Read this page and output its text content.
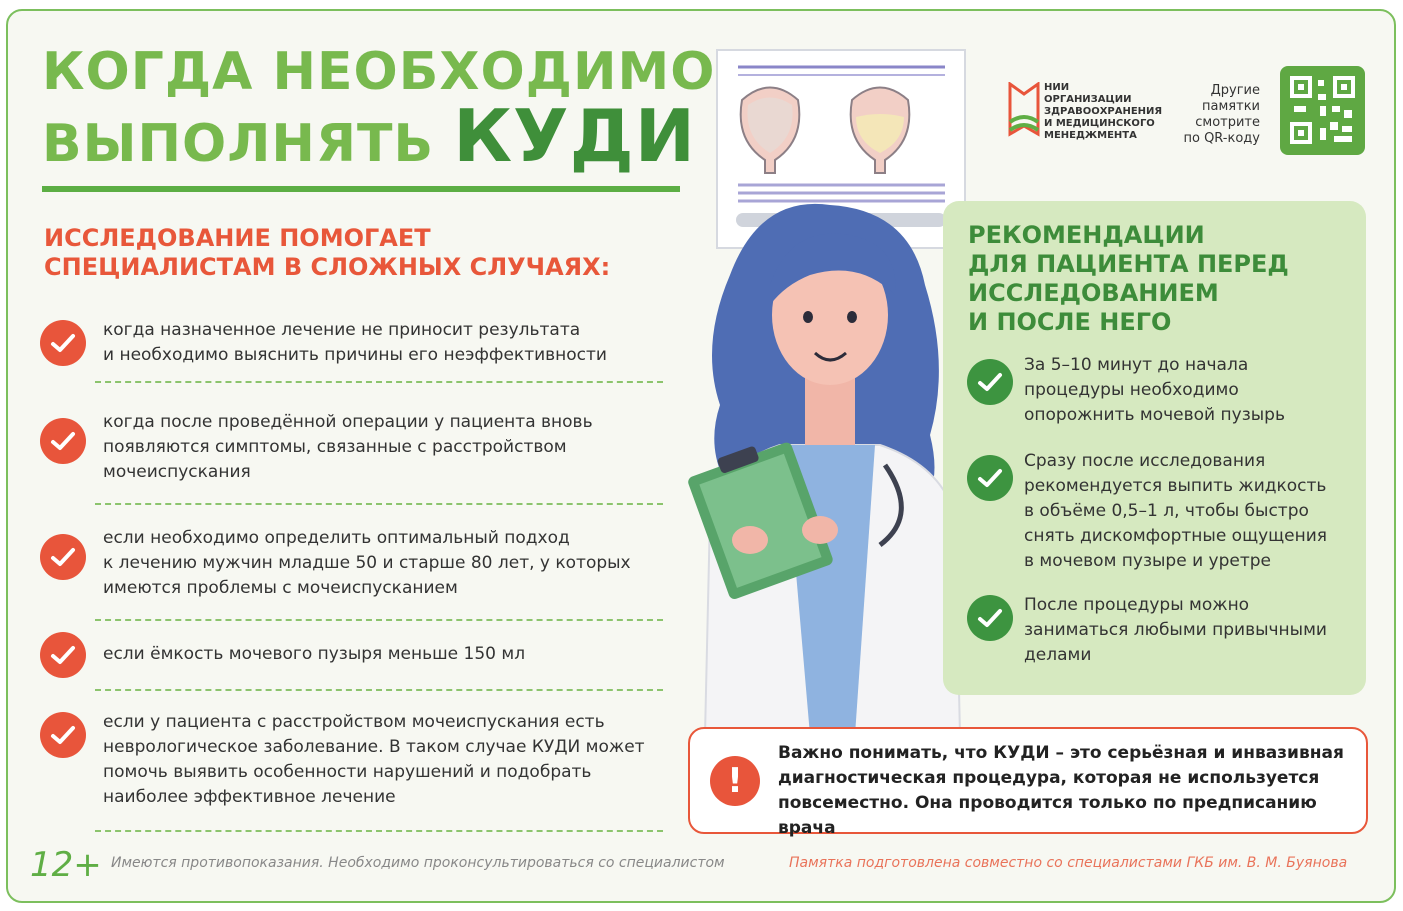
КОГДА НЕОБХОДИМО
ВЫПОЛНЯТЬ КУДИ
ИССЛЕДОВАНИЕ ПОМОГАЕТ
СПЕЦИАЛИСТАМ В СЛОЖНЫХ СЛУЧАЯХ:
когда назначенное лечение не приносит результата
и необходимо выяснить причины его неэффективности
когда после проведённой операции у пациента вновь
появляются симптомы, связанные с расстройством
мочеиспускания
если необходимо определить оптимальный подход
к лечению мужчин младше 50 и старше 80 лет, у которых
имеются проблемы с мочеиспусканием
если ёмкость мочевого пузыря меньше 150 мл
если у пациента с расстройством мочеиспускания есть
неврологическое заболевание. В таком случае КУДИ может
помочь выявить особенности нарушений и подобрать
наиболее эффективное лечение
РЕКОМЕНДАЦИИ
ДЛЯ ПАЦИЕНТА ПЕРЕД
ИССЛЕДОВАНИЕМ
И ПОСЛЕ НЕГО
За 5–10 минут до начала
процедуры необходимо
опорожнить мочевой пузырь
Сразу после исследования
рекомендуется выпить жидкость
в объёме 0,5–1 л, чтобы быстро
снять дискомфортные ощущения
в мочевом пузыре и уретре
После процедуры можно
заниматься любыми привычными
делами
!
Важно понимать, что КУДИ – это серьёзная и инвазивная
диагностическая процедура, которая не используется
повсеместно. Она проводится только по предписанию врача
НИИ
ОРГАНИЗАЦИИ
ЗДРАВООХРАНЕНИЯ
И МЕДИЦИНСКОГО
МЕНЕДЖМЕНТА
Другие
памятки
смотрите
по QR-коду
12+ Имеются противопоказания. Необходимо проконсультироваться со специалистом	Памятка подготовлена совместно со специалистами ГКБ им. В. М. Буянова
